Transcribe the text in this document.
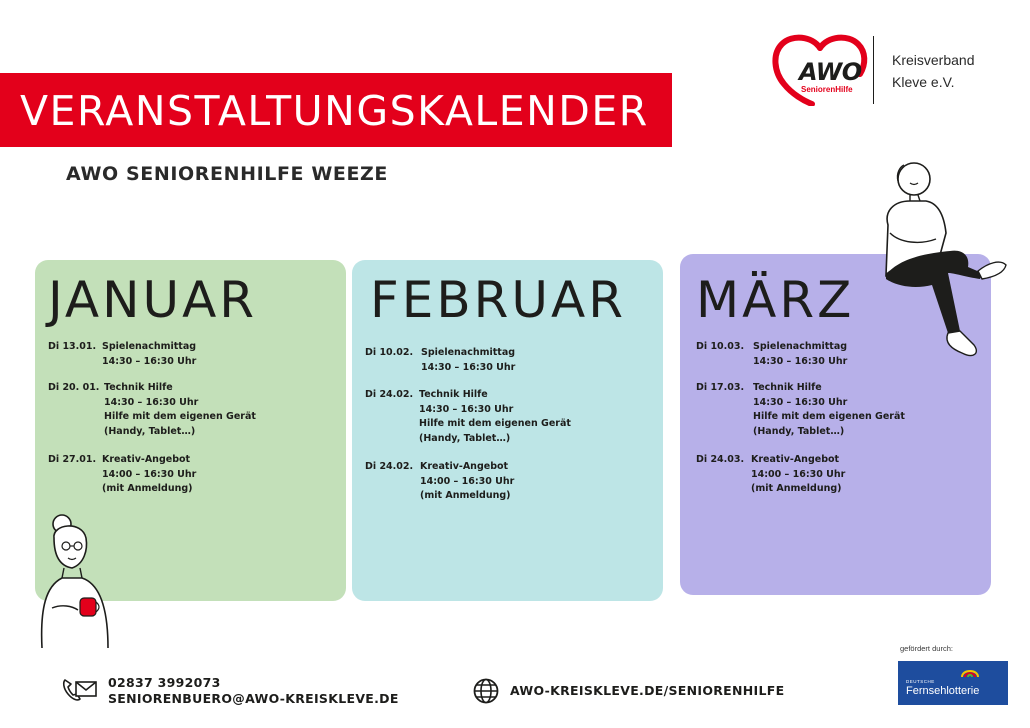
VERANSTALTUNGSKALENDER
AWO SENIORENHILFE WEEZE
AWO
SeniorenHilfe
Kreisverband
Kleve e.V.
JANUAR FEBRUAR MÄRZ
Di 13.01. Spielenachmittag
14:30 – 16:30 Uhr
Di 20. 01. Technik Hilfe
14:30 – 16:30 Uhr
Hilfe mit dem eigenen Gerät
(Handy, Tablet…)
Di 27.01. Kreativ-Angebot
14:00 – 16:30 Uhr
(mit Anmeldung)
Di 10.02. Spielenachmittag
14:30 – 16:30 Uhr
Di 24.02. Technik Hilfe
14:30 – 16:30 Uhr
Hilfe mit dem eigenen Gerät
(Handy, Tablet…)
Di 24.02. Kreativ-Angebot
14:00 – 16:30 Uhr
(mit Anmeldung)
Di 10.03. Spielenachmittag
14:30 – 16:30 Uhr
Di 17.03. Technik Hilfe
14:30 – 16:30 Uhr
Hilfe mit dem eigenen Gerät
(Handy, Tablet…)
Di 24.03. Kreativ-Angebot
14:00 – 16:30 Uhr
(mit Anmeldung)
02837 3992073
SENIORENBUERO@AWO-KREISKLEVE.DE
AWO-KREISKLEVE.DE/SENIORENHILFE
gefördert durch:
DEUTSCHE
Fernsehlotterie
